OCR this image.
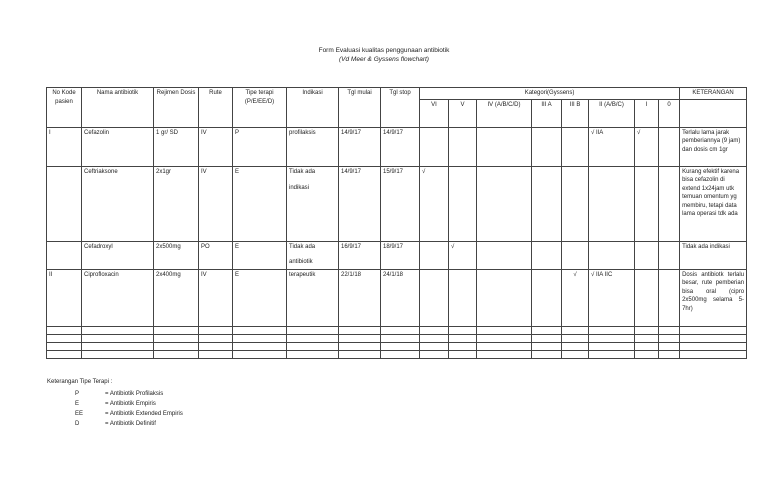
Form Evaluasi kualitas penggunaan antibiotik
(Vd Meer & Gyssens flowchart)
No Kode pasien	Nama antibiotik	Rejimen Dosis	Rute	Tipe terapi (P/E/EE/D)	Indikasi	Tgl mulai	Tgl stop	Kategori(Gyssens)								KETERANGAN
								VI	V	IV (A/B/C/D)	III A	III B	II (A/B/C)	I	0	
I	Cefazolin	1 gr/ SD	IV	P	profilaksis	14/9/17	14/9/17						√ IIA	√		Terlalu lama jarak pemberiannya (9 jam) dan dosis cm 1gr
	Ceftriaksone	2x1gr	IV	E	Tidak ada
indikasi	14/9/17	15/9/17	√								Kurang efektif karena bisa cefazolin di extend 1x24jam utk temuan omentum yg membiru, tetapi data lama operasi tdk ada
	Cefadroxyl	2x500mg	PO	E	Tidak ada
antibiotik	16/9/17	18/9/17		√							Tidak ada indikasi
II	Ciprofloxacin	2x400mg	IV	E	terapeutik	22/1/18	24/1/18					√	√ IIA IIC			Dosis antibiotk terlalu besar, rute pemberian bisa oral (cipro 2x500mg selama 5-7hr)

Keterangan Tipe Terapi :
P	= Antibiotik Profilaksis
E	= Antibiotik Empiris
EE	= Antibiotik Extended Empiris
D	= Antibiotik Definitif
